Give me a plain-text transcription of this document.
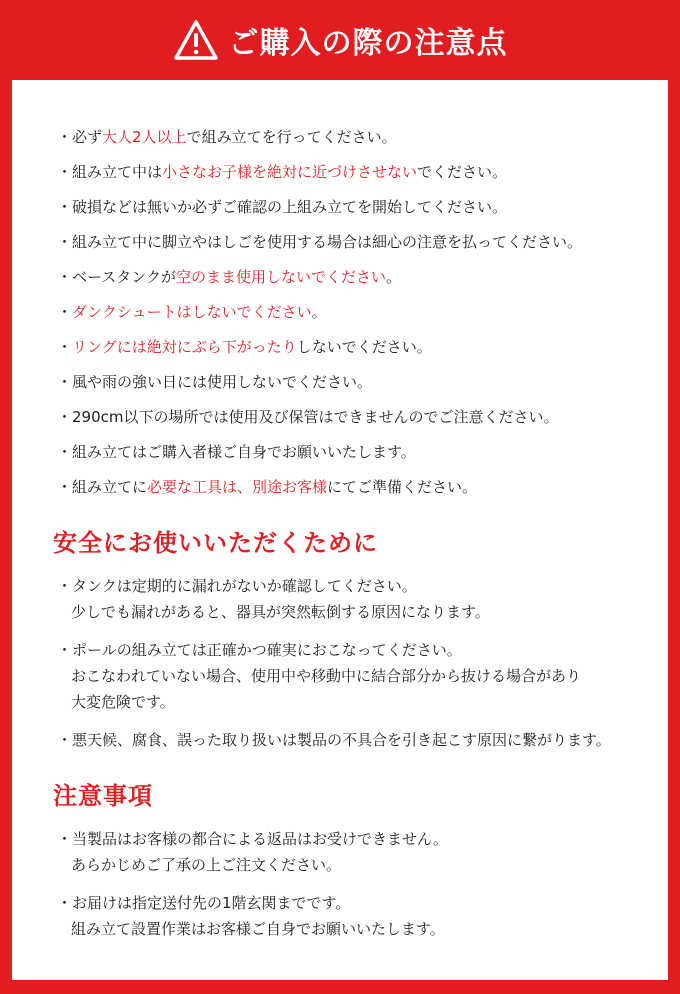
ご購入の際の注意点
・必ず大人2人以上で組み立てを行ってください。
・組み立て中は小さなお子様を絶対に近づけさせないでください。
・破損などは無いか必ずご確認の上組み立てを開始してください。
・組み立て中に脚立やはしごを使用する場合は細心の注意を払ってください。
・ベースタンクが空のまま使用しないでください。
・ダンクシュートはしないでください。
・リングには絶対にぶら下がったりしないでください。
・風や雨の強い日には使用しないでください。
・290cm以下の場所では使用及び保管はできませんのでご注意ください。
・組み立てはご購入者様ご自身でお願いいたします。
・組み立てに必要な工具は、別途お客様にてご準備ください。
安全にお使いいただくために
・タンクは定期的に漏れがないか確認してください。
少しでも漏れがあると、器具が突然転倒する原因になります。
・ポールの組み立ては正確かつ確実におこなってください。
おこなわれていない場合、使用中や移動中に結合部分から抜ける場合があり
大変危険です。
・悪天候、腐食、誤った取り扱いは製品の不具合を引き起こす原因に繋がります。
注意事項
・当製品はお客様の都合による返品はお受けできません。
あらかじめご了承の上ご注文ください。
・お届けは指定送付先の1階玄関までです。
組み立て設置作業はお客様ご自身でお願いいたします。
